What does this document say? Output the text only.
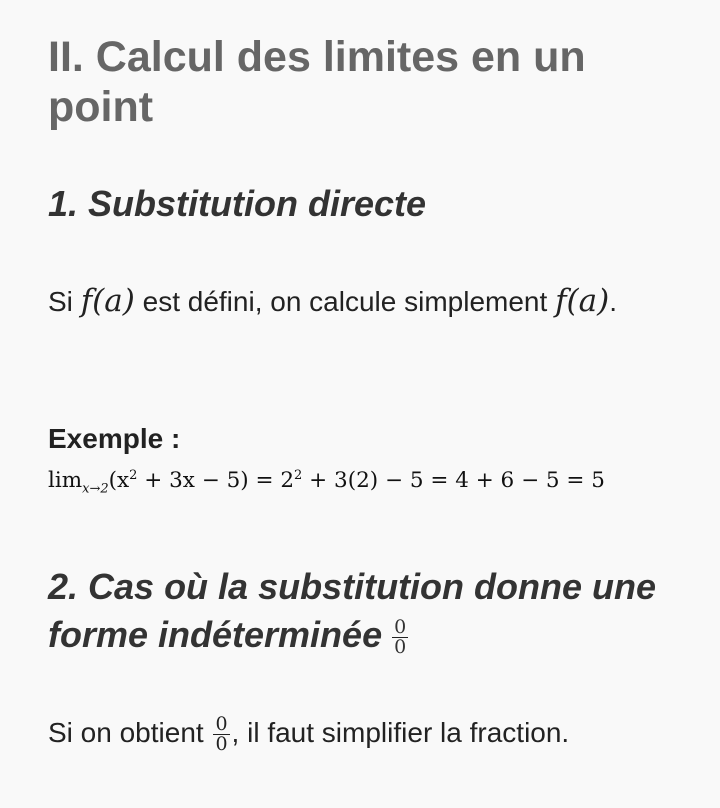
II. Calcul des limites en un point
1. Substitution directe

Si f(a) est défini, on calcule simplement f(a).

Exemple :
$\lim_{x\to 2}(x^2 + 3x - 5) = 2^2 + 3(2) - 5 = 4 + 6 - 5 = 5$
2. Cas où la substitution donne une forme indéterminée $\frac{0}{0}$

Si on obtient $\frac{0}{0}$ , il faut simplifier la fraction.
